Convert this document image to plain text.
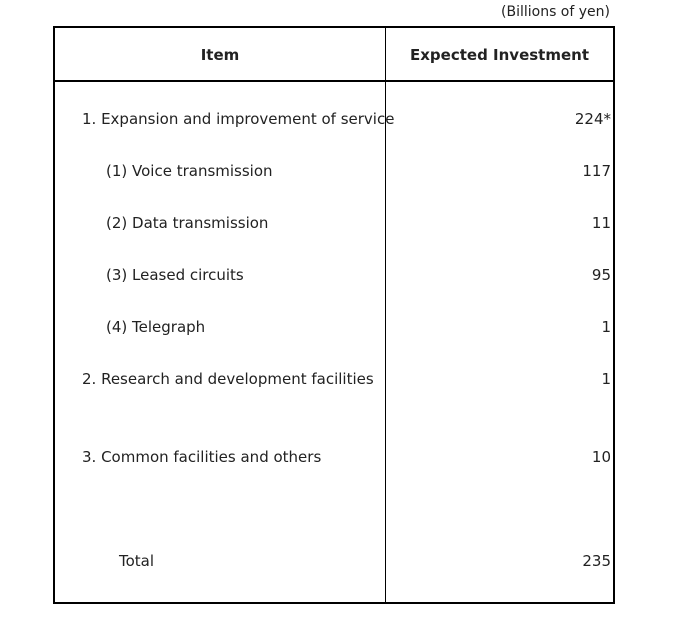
(Billions of yen)
Item	Expected Investment
1. Expansion and improvement of service	224*
(1) Voice transmission	117
(2) Data transmission	11
(3) Leased circuits	95
(4) Telegraph	1
2. Research and development facilities	1
3. Common facilities and others	10
Total	235
